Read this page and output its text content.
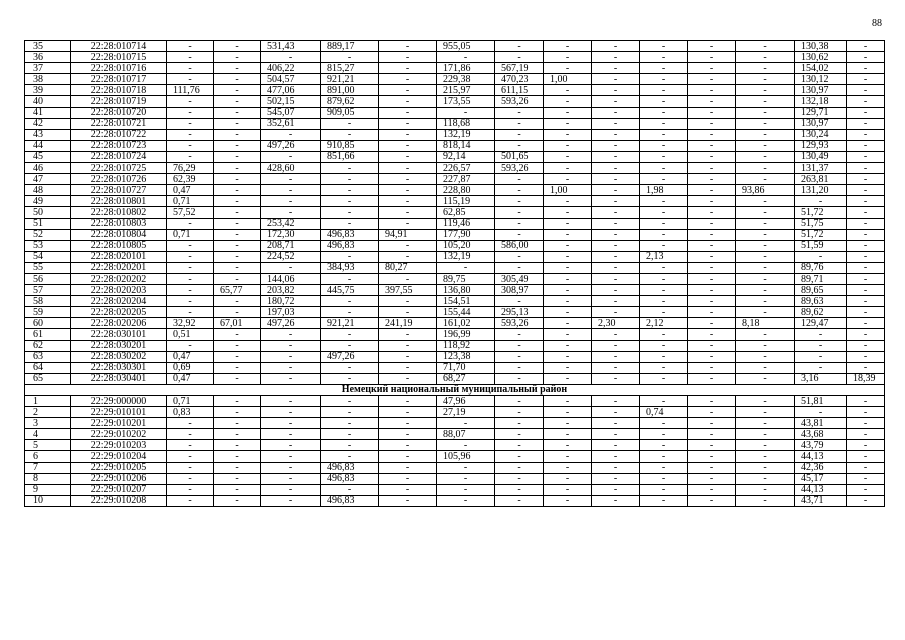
88
35	22:28:010714	-	-	531,43	889,17	-	955,05	-	-	-	-	-	-	130,38	-
36	22:28:010715	-	-	-	-	-	-	-	-	-	-	-	-	130,62	-
37	22:28:010716	-	-	406,22	815,27	-	171,86	567,19	-	-	-	-	-	154,02	-
38	22:28:010717	-	-	504,57	921,21	-	229,38	470,23	1,00	-	-	-	-	130,12	-
39	22:28:010718	111,76	-	477,06	891,00	-	215,97	611,15	-	-	-	-	-	130,97	-
40	22:28:010719	-	-	502,15	879,62	-	173,55	593,26	-	-	-	-	-	132,18	-
41	22:28:010720	-	-	545,07	909,05	-	-	-	-	-	-	-	-	129,71	-
42	22:28:010721	-	-	352,61	-	-	118,68	-	-	-	-	-	-	130,97	-
43	22:28:010722	-	-	-	-	-	132,19	-	-	-	-	-	-	130,24	-
44	22:28:010723	-	-	497,26	910,85	-	818,14	-	-	-	-	-	-	129,93	-
45	22:28:010724	-	-	-	851,66	-	92,14	501,65	-	-	-	-	-	130,49	-
46	22:28:010725	76,29	-	428,60	-	-	226,57	593,26	-	-	-	-	-	131,37	-
47	22:28:010726	62,39	-	-	-	-	227,87	-	-	-	-	-	-	263,81	-
48	22:28:010727	0,47	-	-	-	-	228,80	-	1,00	-	1,98	-	93,86	131,20	-
49	22:28:010801	0,71	-	-	-	-	115,19	-	-	-	-	-	-	-	-
50	22:28:010802	57,52	-	-	-	-	62,85	-	-	-	-	-	-	51,72	-
51	22:28:010803	-	-	253,42	-	-	119,46	-	-	-	-	-	-	51,75	-
52	22:28:010804	0,71	-	172,30	496,83	94,91	177,90	-	-	-	-	-	-	51,72	-
53	22:28:010805	-	-	208,71	496,83	-	105,20	586,00	-	-	-	-	-	51,59	-
54	22:28:020101	-	-	224,52	-	-	132,19	-	-	-	2,13	-	-	-	-
55	22:28:020201	-	-	-	384,93	80,27	-	-	-	-	-	-	-	89,76	-
56	22:28:020202	-	-	144,06	-	-	89,75	305,49	-	-	-	-	-	89,71	-
57	22:28:020203	-	65,77	203,82	445,75	397,55	136,80	308,97	-	-	-	-	-	89,65	-
58	22:28:020204	-	-	180,72	-	-	154,51	-	-	-	-	-	-	89,63	-
59	22:28:020205	-	-	197,03	-	-	155,44	295,13	-	-	-	-	-	89,62	-
60	22:28:020206	32,92	67,01	497,26	921,21	241,19	161,02	593,26	-	2,30	2,12	-	8,18	129,47	-
61	22:28:030101	0,51	-	-	-	-	196,99	-	-	-	-	-	-	-	-
62	22:28:030201	-	-	-	-	-	118,92	-	-	-	-	-	-	-	-
63	22:28:030202	0,47	-	-	497,26	-	123,38	-	-	-	-	-	-	-	-
64	22:28:030301	0,69	-	-	-	-	71,70	-	-	-	-	-	-	-	-
65	22:28:030401	0,47	-	-	-	-	68,27	-	-	-	-	-	-	3,16	18,39
Немецкий национальный муниципальный район															
1	22:29:000000	0,71	-	-	-	-	47,96	-	-	-	-	-	-	51,81	-
2	22:29:010101	0,83	-	-	-	-	27,19	-	-	-	0,74	-	-	-	-
3	22:29:010201	-	-	-	-	-	-	-	-	-	-	-	-	43,81	-
4	22:29:010202	-	-	-	-	-	88,07	-	-	-	-	-	-	43,68	-
5	22:29:010203	-	-	-	-	-	-	-	-	-	-	-	-	43,79	-
6	22:29:010204	-	-	-	-	-	105,96	-	-	-	-	-	-	44,13	-
7	22:29:010205	-	-	-	496,83	-	-	-	-	-	-	-	-	42,36	-
8	22:29:010206	-	-	-	496,83	-	-	-	-	-	-	-	-	45,17	-
9	22:29:010207	-	-	-	-	-	-	-	-	-	-	-	-	44,13	-
10	22:29:010208	-	-	-	496,83	-	-	-	-	-	-	-	-	43,71	-
